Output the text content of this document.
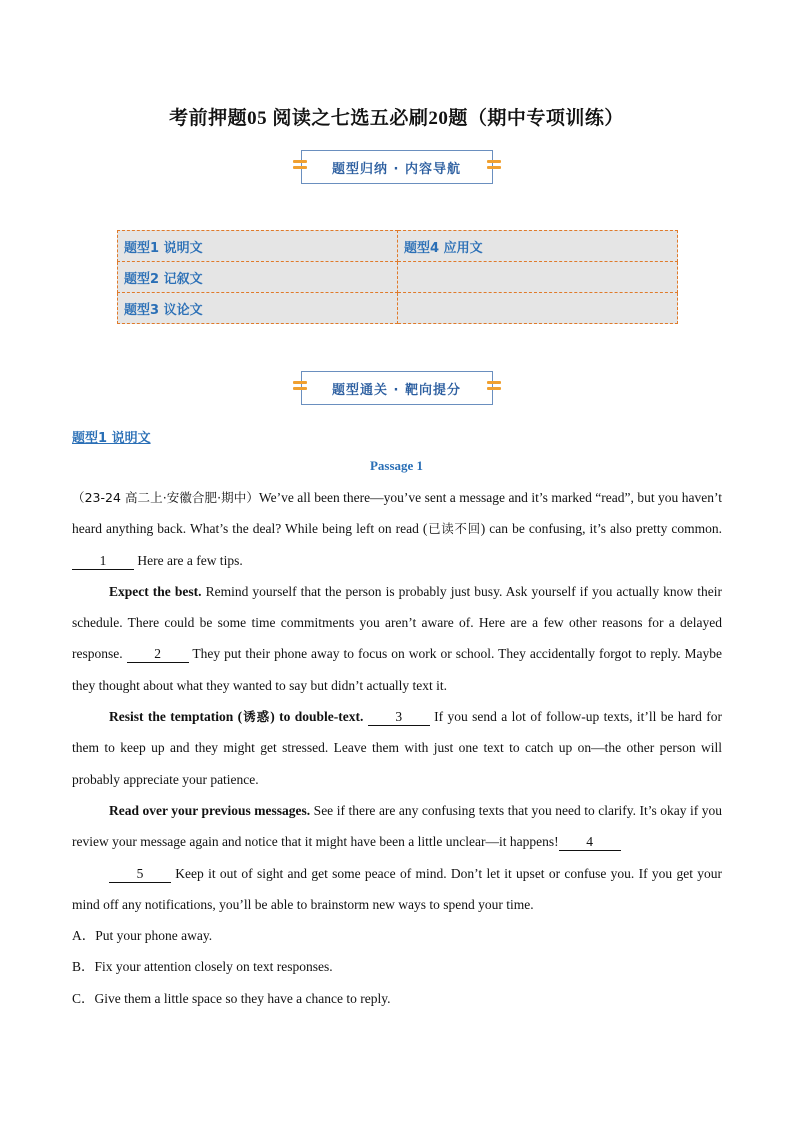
考前押题05 阅读之七选五必刷20题（期中专项训练）
题型归纳 · 内容导航
题型1 说明文	题型4 应用文
题型2 记叙文	
题型3 议论文	
题型通关 · 靶向提分
题型1 说明文
Passage 1

（23-24 高二上·安徽合肥·期中）We’ve all been there—you’ve sent a message and it’s marked “read”, but you haven’t heard anything back. What’s the deal? While being left on read (已读不回) can be confusing, it’s also pretty common. 1 Here are a few tips.

Expect the best. Remind yourself that the person is probably just busy. Ask yourself if you actually know their schedule. There could be some time commitments you aren’t aware of. Here are a few other reasons for a delayed response. 2 They put their phone away to focus on work or school. They accidentally forgot to reply. Maybe they thought about what they wanted to say but didn’t actually text it.

Resist the temptation (诱惑) to double-text. 3 If you send a lot of follow-up texts, it’ll be hard for them to keep up and they might get stressed. Leave them with just one text to catch up on—the other person will probably appreciate your patience.

Read over your previous messages. See if there are any confusing texts that you need to clarify. It’s okay if you review your message again and notice that it might have been a little unclear—it happens! 4

5 Keep it out of sight and get some peace of mind. Don’t let it upset or confuse you. If you get your mind off any notifications, you’ll be able to brainstorm new ways to spend your time.

A．Put your phone away.

B．Fix your attention closely on text responses.

C．Give them a little space so they have a chance to reply.
